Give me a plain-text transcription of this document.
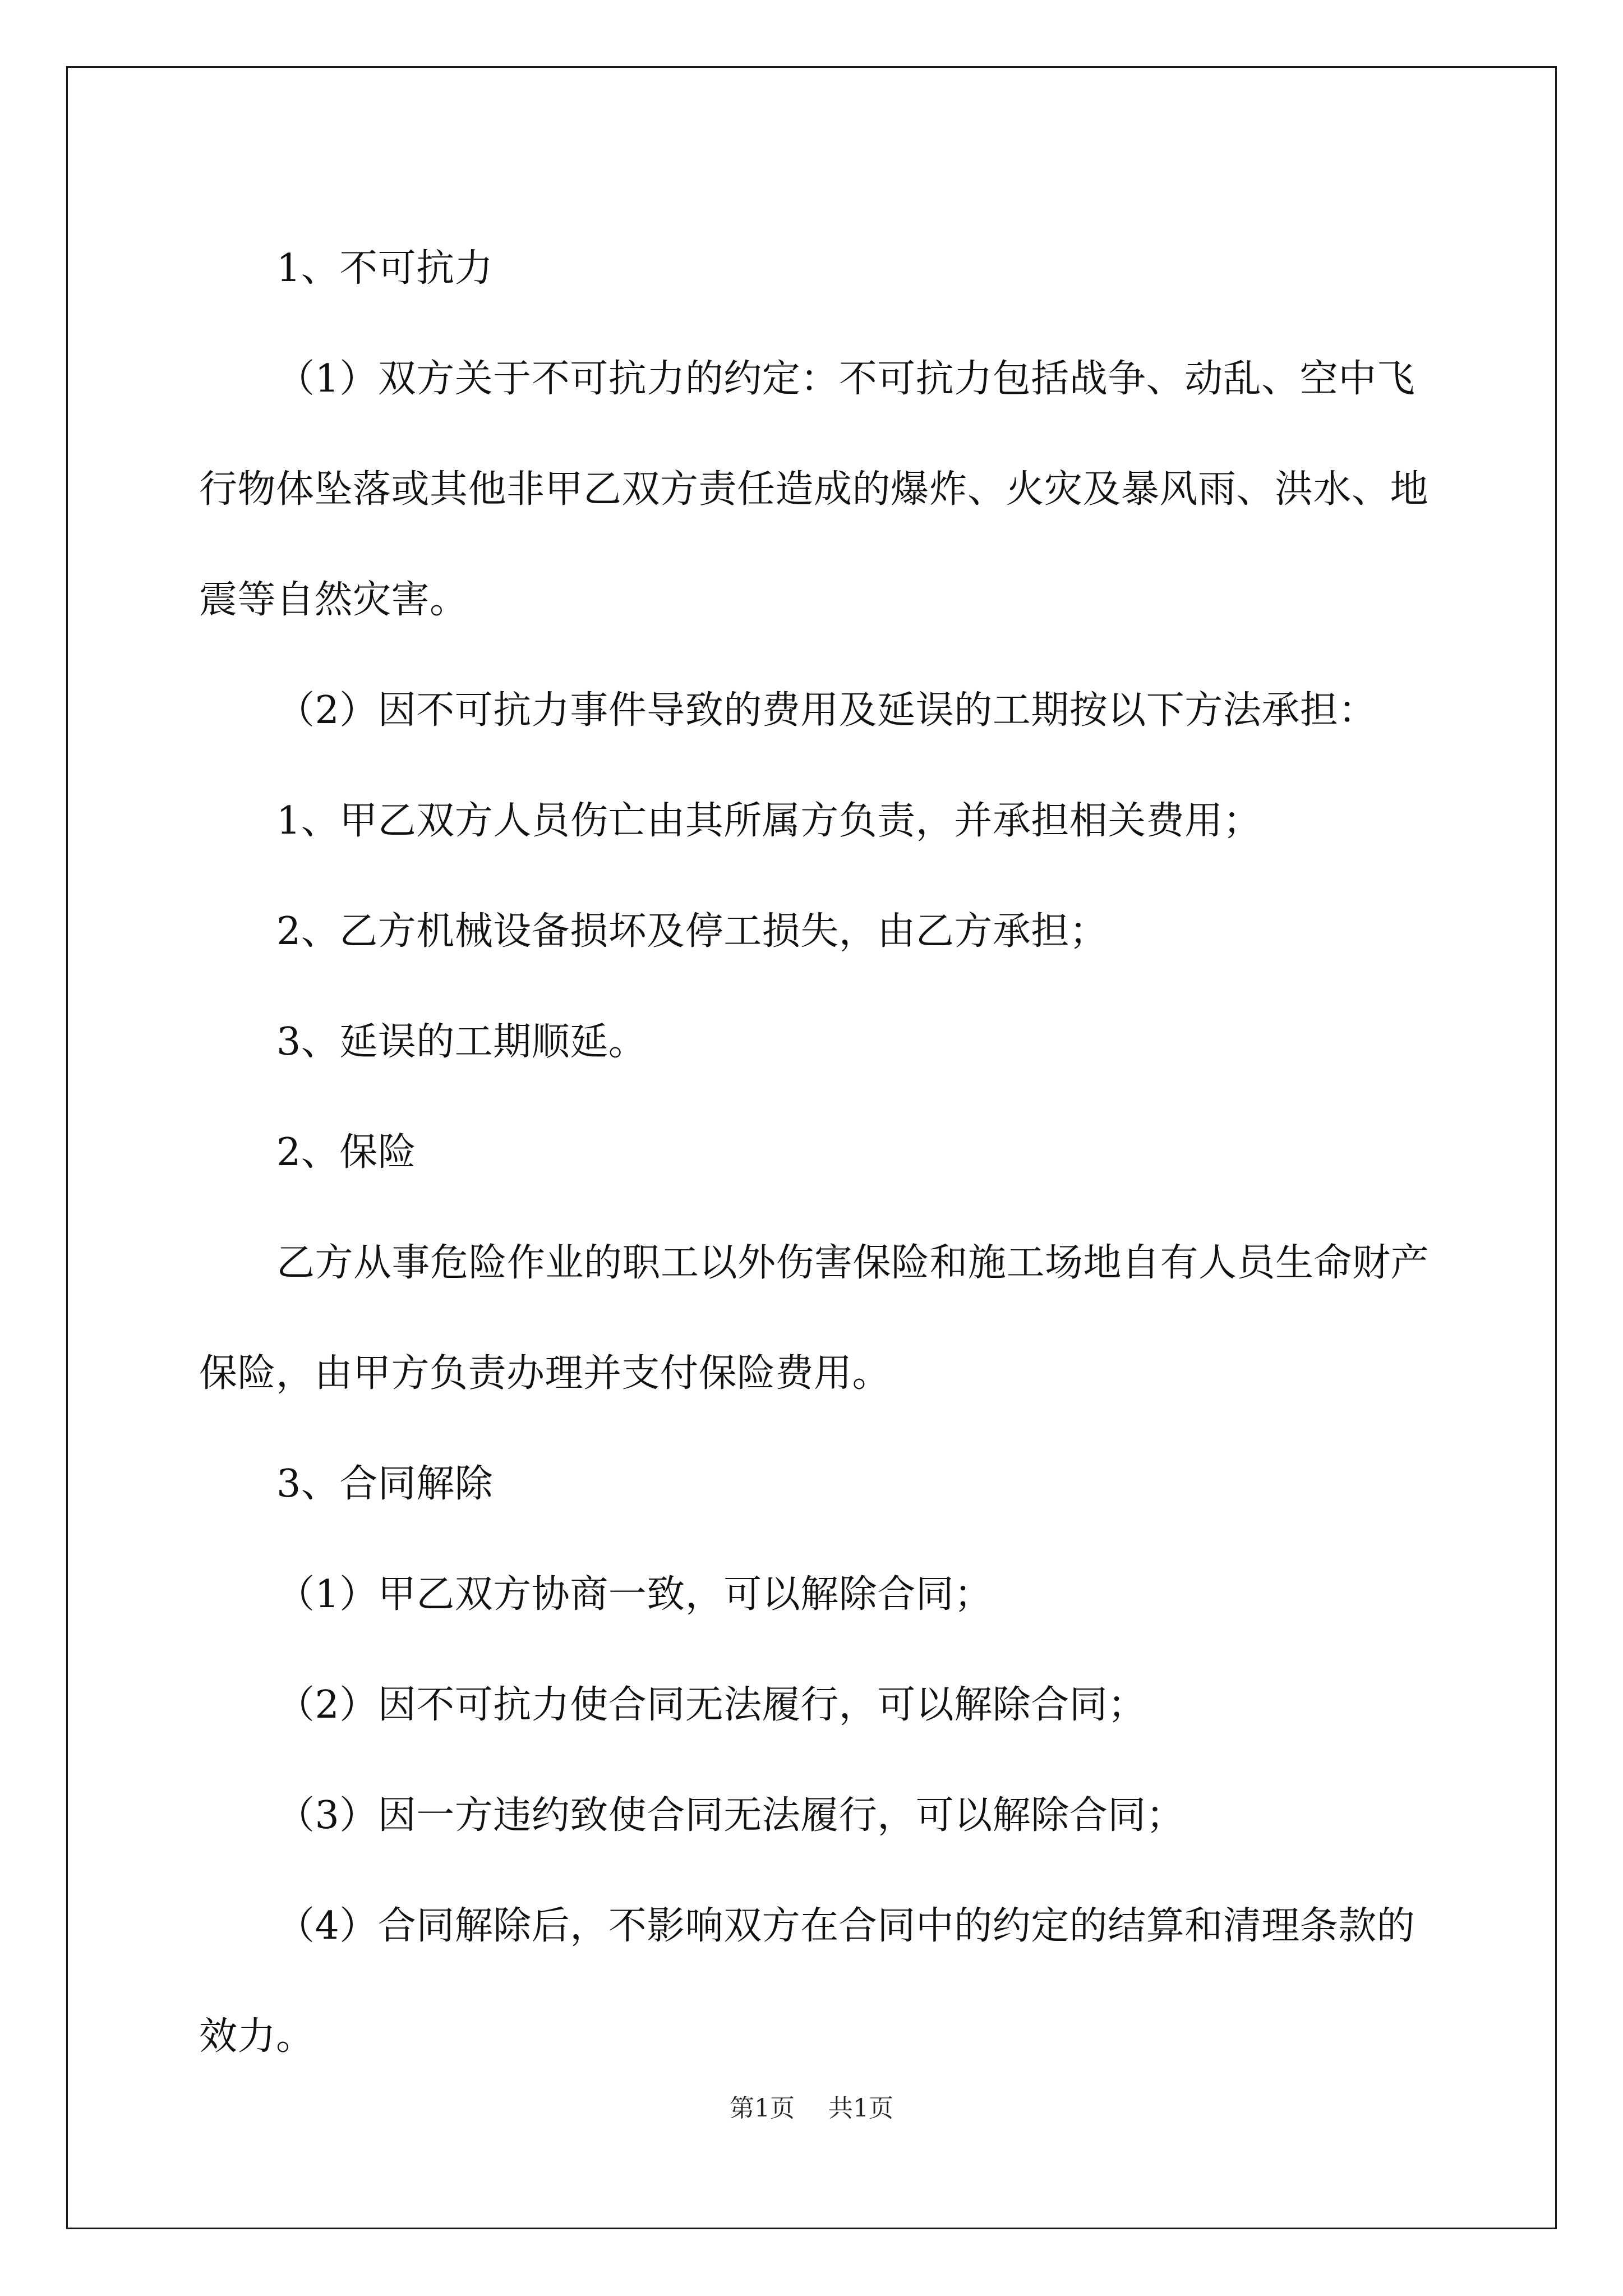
1、不可抗力

（1）双方关于不可抗力的约定：不可抗力包括战争、动乱、空中飞行物体坠落或其他非甲乙双方责任造成的爆炸、火灾及暴风雨、洪水、地震等自然灾害。

（2）因不可抗力事件导致的费用及延误的工期按以下方法承担：

1、甲乙双方人员伤亡由其所属方负责，并承担相关费用；

2、乙方机械设备损坏及停工损失，由乙方承担；

3、延误的工期顺延。

2、保险

乙方从事危险作业的职工以外伤害保险和施工场地自有人员生命财产保险，由甲方负责办理并支付保险费用。

3、合同解除

（1）甲乙双方协商一致，可以解除合同；

（2）因不可抗力使合同无法履行，可以解除合同；

（3）因一方违约致使合同无法履行，可以解除合同；

（4）合同解除后，不影响双方在合同中的约定的结算和清理条款的效力。

第1页 共1页
